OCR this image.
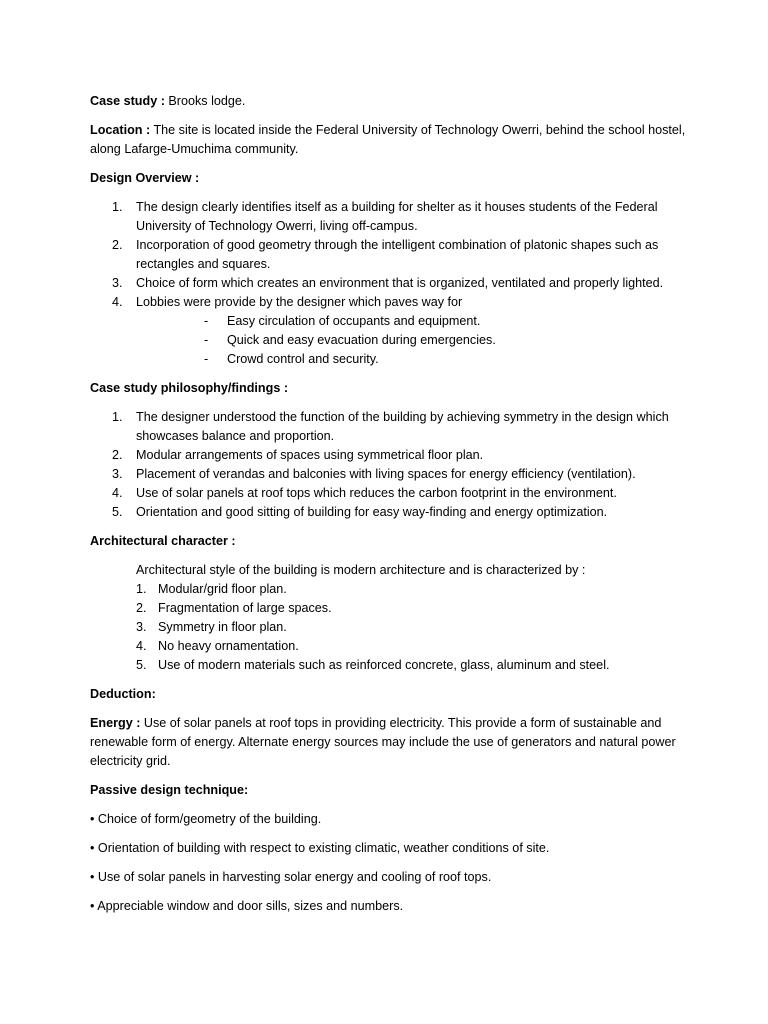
Case study : Brooks lodge.

Location : The site is located inside the Federal University of Technology Owerri, behind the school hostel, along Lafarge-Umuchima community.

Design Overview :

1. The design clearly identifies itself as a building for shelter as it houses students of the Federal University of Technology Owerri, living off-campus.
2. Incorporation of good geometry through the intelligent combination of platonic shapes such as rectangles and squares.
3. Choice of form which creates an environment that is organized, ventilated and properly lighted.
4. Lobbies were provide by the designer which paves way for
- Easy circulation of occupants and equipment.
- Quick and easy evacuation during emergencies.
- Crowd control and security.

Case study philosophy/findings :

1. The designer understood the function of the building by achieving symmetry in the design which showcases balance and proportion.
2. Modular arrangements of spaces using symmetrical floor plan.
3. Placement of verandas and balconies with living spaces for energy efficiency (ventilation).
4. Use of solar panels at roof tops which reduces the carbon footprint in the environment.
5. Orientation and good sitting of building for easy way-finding and energy optimization.

Architectural character :

Architectural style of the building is modern architecture and is characterized by :
1. Modular/grid floor plan.
2. Fragmentation of large spaces.
3. Symmetry in floor plan.
4. No heavy ornamentation.
5. Use of modern materials such as reinforced concrete, glass, aluminum and steel.

Deduction:

Energy : Use of solar panels at roof tops in providing electricity. This provide a form of sustainable and renewable form of energy. Alternate energy sources may include the use of generators and natural power electricity grid.

Passive design technique:

• Choice of form/geometry of the building.

• Orientation of building with respect to existing climatic, weather conditions of site.

• Use of solar panels in harvesting solar energy and cooling of roof tops.

• Appreciable window and door sills, sizes and numbers.
